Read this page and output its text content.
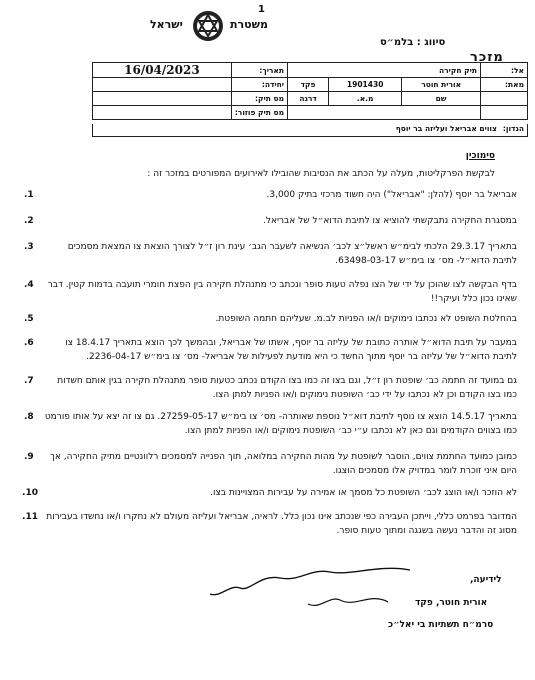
1
משטרת
ישראל
סיווג : בלמ״ס
מזכר
אל:	תיק חקירה			תאריך:	16/04/2023
מאת:	אורית חוטר	1901430	פקד	יחידה:	
	שם	מ.א.	דרגה	מס תיק:	
				מס תיק פוזור:	
הנדון:
צווים אבריאל ועליזה בר יוסף
סימוכין
לבקשת הפרקליטות, מעלה על הכתב את הנסיבות שהובילו לאירועים המפורטים במזכר זה :
אבריאל בר יוסף (להלן: "אבריאל") היה חשוד מרכזי בתיק 3,000.
1.
במסגרת החקירה נתבקשתי להוציא צו לתיבת הדוא״ל של אבריאל.
2.
בתאריך 29.3.17 הלכתי לבימ״ש ראשל״צ לכב׳ הנשיאה לשעבר הגב׳ עינת רון ז״ל לצורך הוצאת צו המצאת מסמכים לתיבת הדוא״ל- מס׳ צו בימ״ש 63498-03-17.
3.
בדף הבקשה לצו שהוכן על ידי של הצו נפלה טעות סופר ונכתב כי מתנהלת חקירה בין הפצת חומרי תועבה בדמות קטין. דבר שאינו נכון כלל ועיקר!!
4.
בהחלטת השופט לא נכתבו נימוקים ו/או הפניות לב.מ. שעליהם חתמה השופטת.
5.
במעבר על תיבת הדוא״ל אותרה כתובת של עליזה בר יוסף, אשתו של אבריאל, ובהמשך לכך הוצא בתאריך 18.4.17 צו לתיבת הדוא״ל של עליזה בר יוסף מתוך החשד כי היא מודעת לפעילות של אבריאל- מס׳ צו בימ״ש 2236-04-17.
6.
גם במועד זה חתמה כב׳ שופטת רון ז״ל, וגם בצו זה כמו בצו הקודם נכתב כטעות סופר מתנהלת חקירה בגין אותם חשדות כמו בצו הקודם וכן לא נכתבו על ידי כב׳ השופטת נימוקים ו/או הפניות למתן הצו.
7.
בתאריך 14.5.17 הוצא צו נוסף לתיבת דוא״ל נוספת שאותרה- מס׳ צו בימ״ש 27259-05-17. גם צו זה יצא על אותו פורמט כמו בצווים הקודמים וגם כאן לא נכתבו ע״י כב׳ השופטת נימוקים ו/או הפניות למתן הצו.
8.
כמובן כמועד החתמת צווים, הוסבר לשופטת על מהות החקירה במלואה, תוך הפנייה למסמכים רלוונטיים מתיק החקירה, אך היום איני זוכרת לומר במדויק אלו מסמכים הוצגו.
9.
לא הוזכר ו/או הוצג לכב׳ השופטת כל מסמך או אמירה על עבירות המצויינות בצו.
10.
המדובר בפרמט כללי, וייתכן העבירה כפי שנכתב אינו נכון כלל. לראיה, אבריאל ועליזה מעולם לא נחקרו ו/או נחשדו בעבירות מסוג זה והדבר נעשה בשגגה ומתוך טעות סופר.
11.
לידיעה,
אורית חוטר, פקד
סרמ״ח תשתיות בי יאל״כ
